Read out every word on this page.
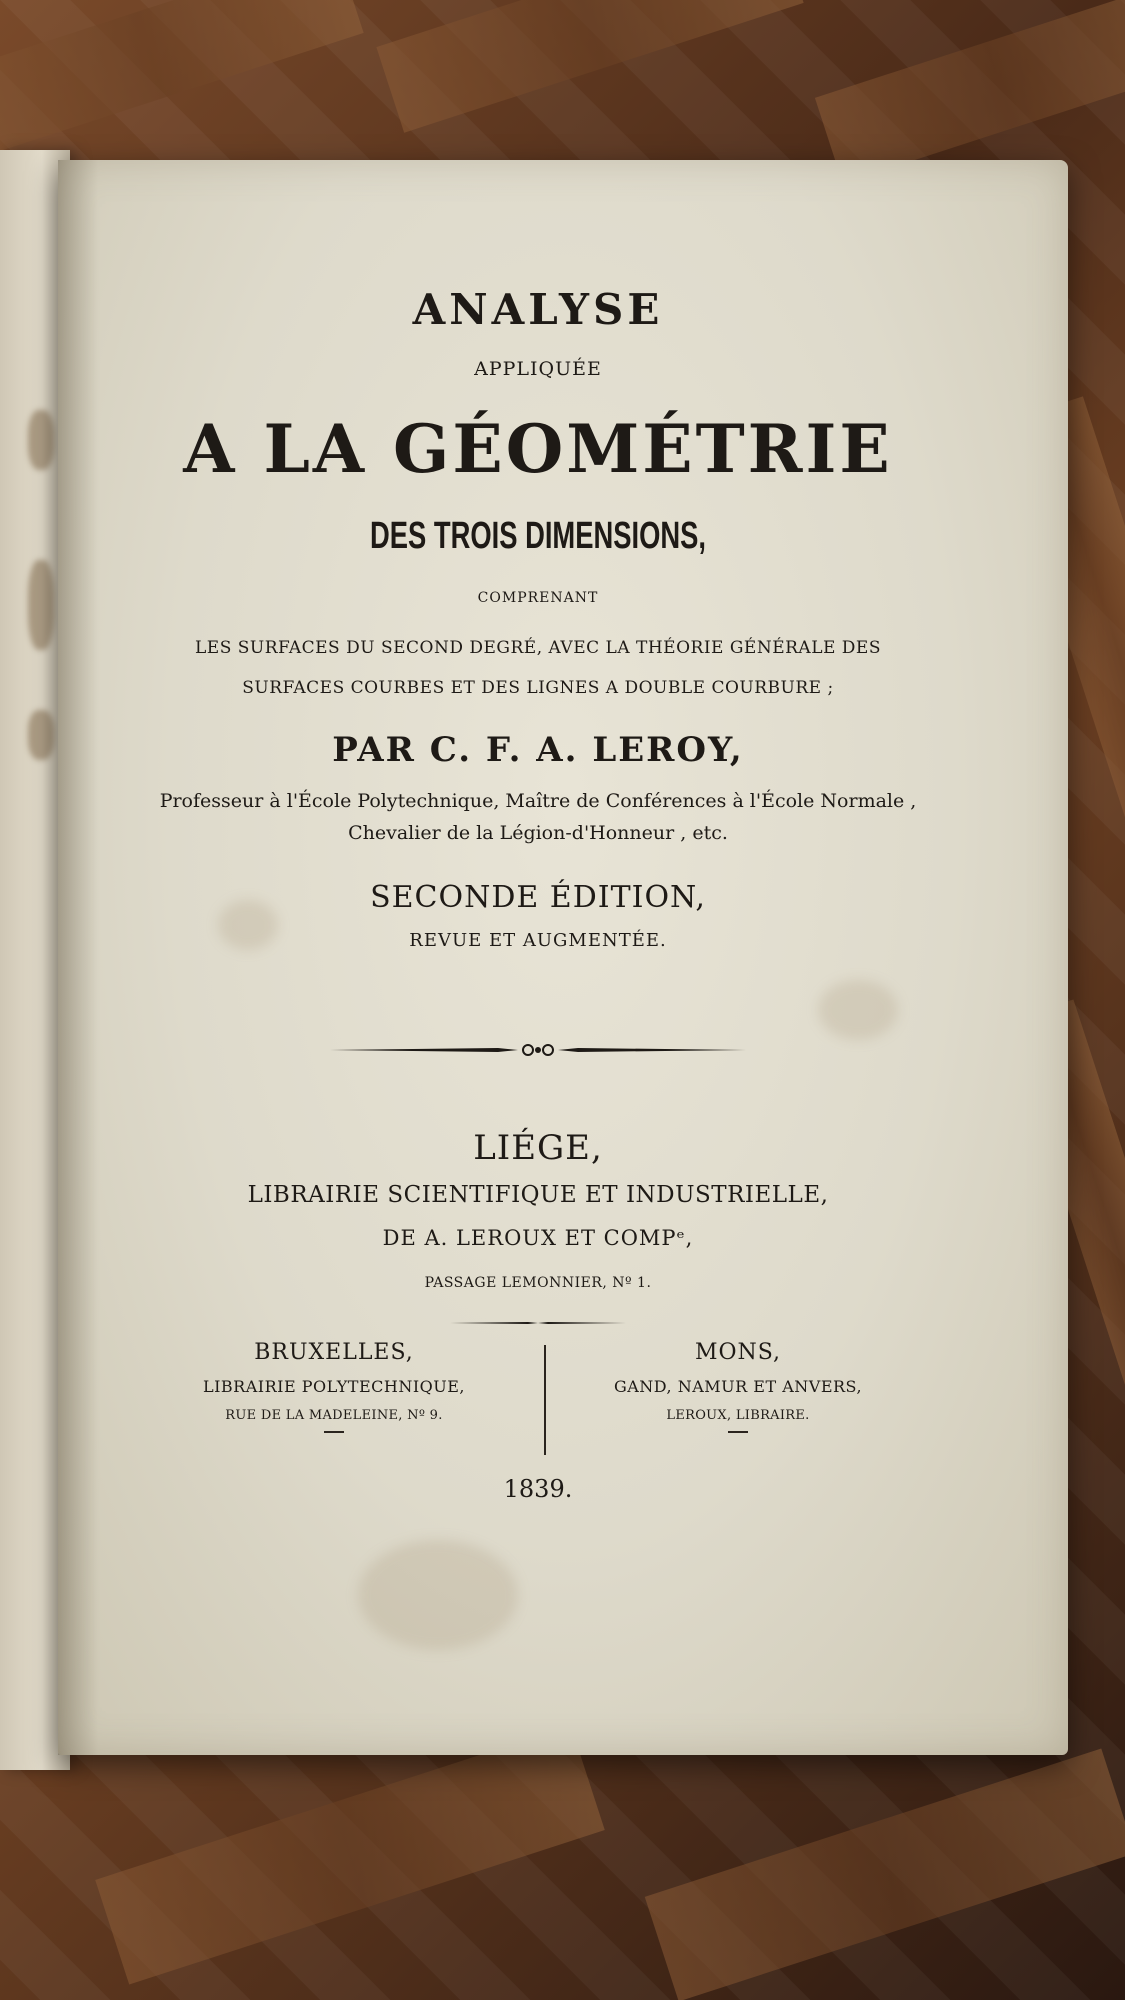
ANALYSE
APPLIQUÉE
A LA GÉOMÉTRIE
DES TROIS DIMENSIONS,
COMPRENANT
LES SURFACES DU SECOND DEGRÉ, AVEC LA THÉORIE GÉNÉRALE DES
SURFACES COURBES ET DES LIGNES A DOUBLE COURBURE ;
PAR C. F. A. LEROY,
Professeur à l'École Polytechnique, Maître de Conférences à l'École Normale ,
Chevalier de la Légion-d'Honneur , etc.
SECONDE ÉDITION,
REVUE ET AUGMENTÉE.
LIÉGE,
LIBRAIRIE SCIENTIFIQUE ET INDUSTRIELLE,
DE A. LEROUX ET COMPᵉ,
PASSAGE LEMONNIER, Nº 1.
BRUXELLES,
LIBRAIRIE POLYTECHNIQUE,
RUE DE LA MADELEINE, Nº 9.
MONS,
GAND, NAMUR ET ANVERS,
LEROUX, LIBRAIRE.
1839.
